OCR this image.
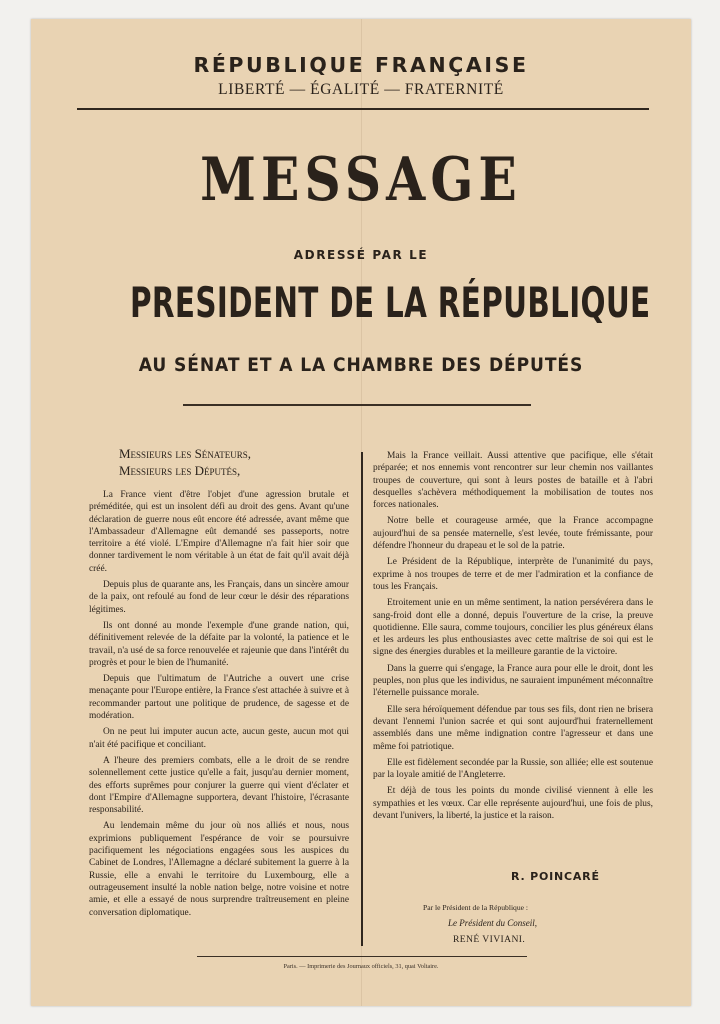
RÉPUBLIQUE FRANÇAISE
LIBERTÉ — ÉGALITÉ — FRATERNITÉ
MESSAGE
ADRESSÉ PAR LE
PRESIDENT DE LA RÉPUBLIQUE
AU SÉNAT ET A LA CHAMBRE DES DÉPUTÉS
Messieurs les Sénateurs,
Messieurs les Députés,

La France vient d'être l'objet d'une agression brutale et préméditée, qui est un insolent défi au droit des gens. Avant qu'une déclaration de guerre nous eût encore été adressée, avant même que l'Ambassadeur d'Allemagne eût demandé ses passeports, notre territoire a été violé. L'Empire d'Allemagne n'a fait hier soir que donner tardivement le nom véritable à un état de fait qu'il avait déjà créé.

Depuis plus de quarante ans, les Français, dans un sincère amour de la paix, ont refoulé au fond de leur cœur le désir des réparations légitimes.

Ils ont donné au monde l'exemple d'une grande nation, qui, définitivement relevée de la défaite par la volonté, la patience et le travail, n'a usé de sa force renouvelée et rajeunie que dans l'intérêt du progrès et pour le bien de l'humanité.

Depuis que l'ultimatum de l'Autriche a ouvert une crise menaçante pour l'Europe entière, la France s'est attachée à suivre et à recommander partout une politique de prudence, de sagesse et de modération.

On ne peut lui imputer aucun acte, aucun geste, aucun mot qui n'ait été pacifique et conciliant.

A l'heure des premiers combats, elle a le droit de se rendre solennellement cette justice qu'elle a fait, jusqu'au dernier moment, des efforts suprêmes pour conjurer la guerre qui vient d'éclater et dont l'Empire d'Allemagne supportera, devant l'histoire, l'écrasante responsabilité.

Au lendemain même du jour où nos alliés et nous, nous exprimions publiquement l'espérance de voir se poursuivre pacifiquement les négociations engagées sous les auspices du Cabinet de Londres, l'Allemagne a déclaré subitement la guerre à la Russie, elle a envahi le territoire du Luxembourg, elle a outrageusement insulté la noble nation belge, notre voisine et notre amie, et elle a essayé de nous surprendre traîtreusement en pleine conversation diplomatique.

Mais la France veillait. Aussi attentive que pacifique, elle s'était préparée; et nos ennemis vont rencontrer sur leur chemin nos vaillantes troupes de couverture, qui sont à leurs postes de bataille et à l'abri desquelles s'achèvera méthodiquement la mobilisation de toutes nos forces nationales.

Notre belle et courageuse armée, que la France accompagne aujourd'hui de sa pensée maternelle, s'est levée, toute frémissante, pour défendre l'honneur du drapeau et le sol de la patrie.

Le Président de la République, interprète de l'unanimité du pays, exprime à nos troupes de terre et de mer l'admiration et la confiance de tous les Français.

Etroitement unie en un même sentiment, la nation persévérera dans le sang-froid dont elle a donné, depuis l'ouverture de la crise, la preuve quotidienne. Elle saura, comme toujours, concilier les plus généreux élans et les ardeurs les plus enthousiastes avec cette maîtrise de soi qui est le signe des énergies durables et la meilleure garantie de la victoire.

Dans la guerre qui s'engage, la France aura pour elle le droit, dont les peuples, non plus que les individus, ne sauraient impunément méconnaître l'éternelle puissance morale.

Elle sera héroïquement défendue par tous ses fils, dont rien ne brisera devant l'ennemi l'union sacrée et qui sont aujourd'hui fraternellement assemblés dans une même indignation contre l'agresseur et dans une même foi patriotique.

Elle est fidèlement secondée par la Russie, son alliée; elle est soutenue par la loyale amitié de l'Angleterre.

Et déjà de tous les points du monde civilisé viennent à elle les sympathies et les vœux. Car elle représente aujourd'hui, une fois de plus, devant l'univers, la liberté, la justice et la raison.

R. POINCARÉ
Par le Président de la République :
Le Président du Conseil,
RENÉ VIVIANI.
Paris. — Imprimerie des Journaux officiels, 31, quai Voltaire.
